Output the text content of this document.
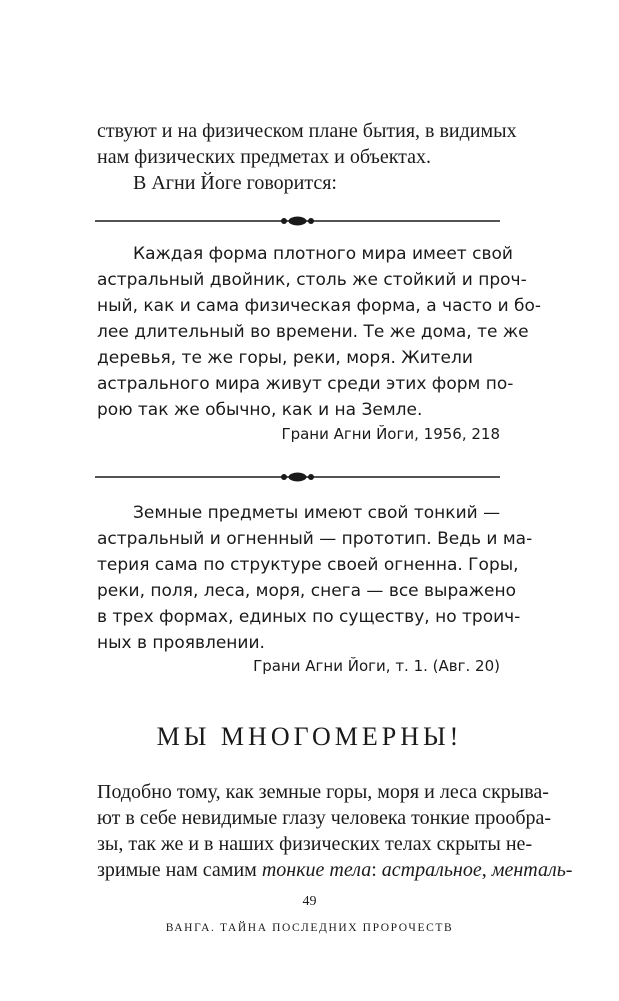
ствуют и на физическом плане бытия, в видимых
нам физических предметах и объектах.
В Агни Йоге говорится:
Каждая форма плотного мира имеет свой
астральный двойник, столь же стойкий и проч-
ный, как и сама физическая форма, а часто и бо-
лее длительный во времени. Те же дома, те же
деревья, те же горы, реки, моря. Жители
астрального мира живут среди этих форм по-
рою так же обычно, как и на Земле.
Грани Агни Йоги, 1956, 218
Земные предметы имеют свой тонкий —
астральный и огненный — прототип. Ведь и ма-
терия сама по структуре своей огненна. Горы,
реки, поля, леса, моря, снега — все выражено
в трех формах, единых по существу, но троич-
ных в проявлении.
Грани Агни Йоги, т. 1. (Авг. 20)
МЫ МНОГОМЕРНЫ!
Подобно тому, как земные горы, моря и леса скрыва-
ют в себе невидимые глазу человека тонкие прообра-
зы, так же и в наших физических телах скрыты не-
зримые нам самим тонкие тела: астральное, менталь-
49
ВАНГА. ТАЙНА ПОСЛЕДНИХ ПРОРОЧЕСТВ
